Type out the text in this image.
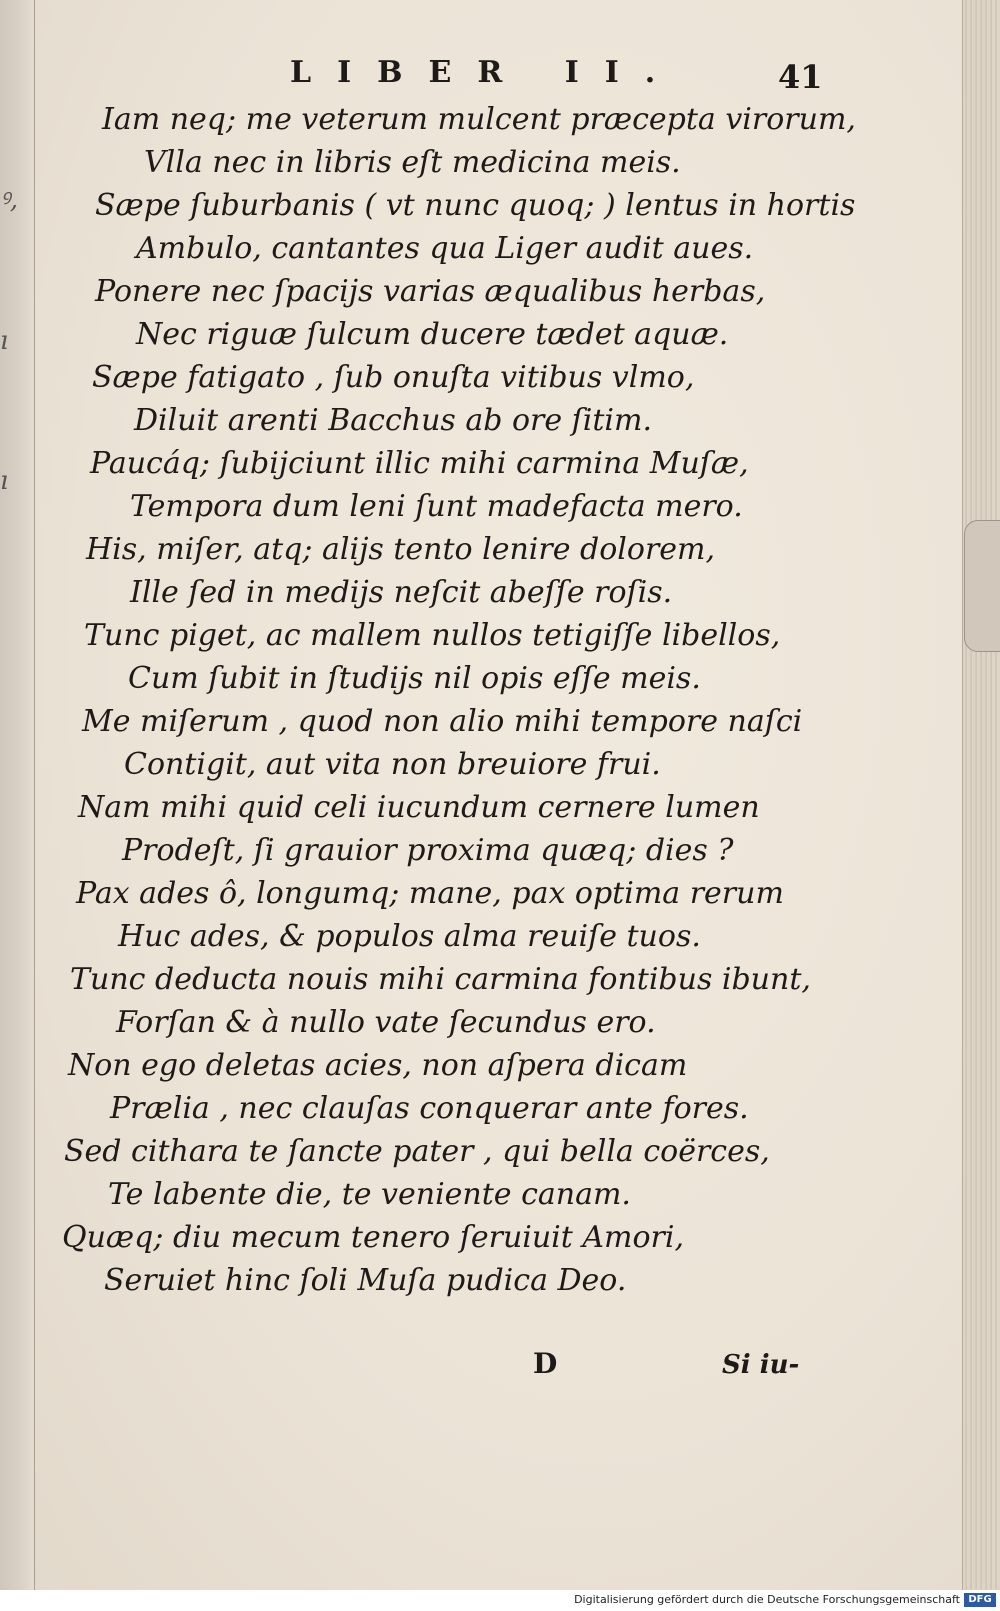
ꝰ,
ı
ı
LIBER II.	41
Iam neq; me veterum mulcent præcepta virorum,
Vlla nec in libris eſt medicina meis.
Sæpe ſuburbanis ( vt nunc quoq; ) lentus in hortis
Ambulo, cantantes qua Liger audit aues.
Ponere nec ſpacijs varias æqualibus herbas,
Nec riguæ ſulcum ducere tædet aquæ.
Sæpe fatigato , ſub onuſta vitibus vlmo,
Diluit arenti Bacchus ab ore ſitim.
Paucáq; ſubijciunt illic mihi carmina Muſæ,
Tempora dum leni ſunt madefacta mero.
His, miſer, atq; alijs tento lenire dolorem,
Ille ſed in medijs neſcit abeſſe roſis.
Tunc piget, ac mallem nullos tetigiſſe libellos,
Cum ſubit in ſtudijs nil opis eſſe meis.
Me miſerum , quod non alio mihi tempore naſci
Contigit, aut vita non breuiore frui.
Nam mihi quid celi iucundum cernere lumen
Prodeſt, ſi grauior proxima quæq; dies ?
Pax ades ô, longumq; mane, pax optima rerum
Huc ades, & populos alma reuiſe tuos.
Tunc deducta nouis mihi carmina fontibus ibunt,
Forſan & à nullo vate ſecundus ero.
Non ego deletas acies, non aſpera dicam
Prælia , nec clauſas conquerar ante fores.
Sed cithara te ſancte pater , qui bella coërces,
Te labente die, te veniente canam.
Quæq; diu mecum tenero ſeruiuit Amori,
Seruiet hinc ſoli Muſa pudica Deo.
D	Si iu-
Digitalisierung gefördert durch die Deutsche Forschungsgemeinschaft DFG
